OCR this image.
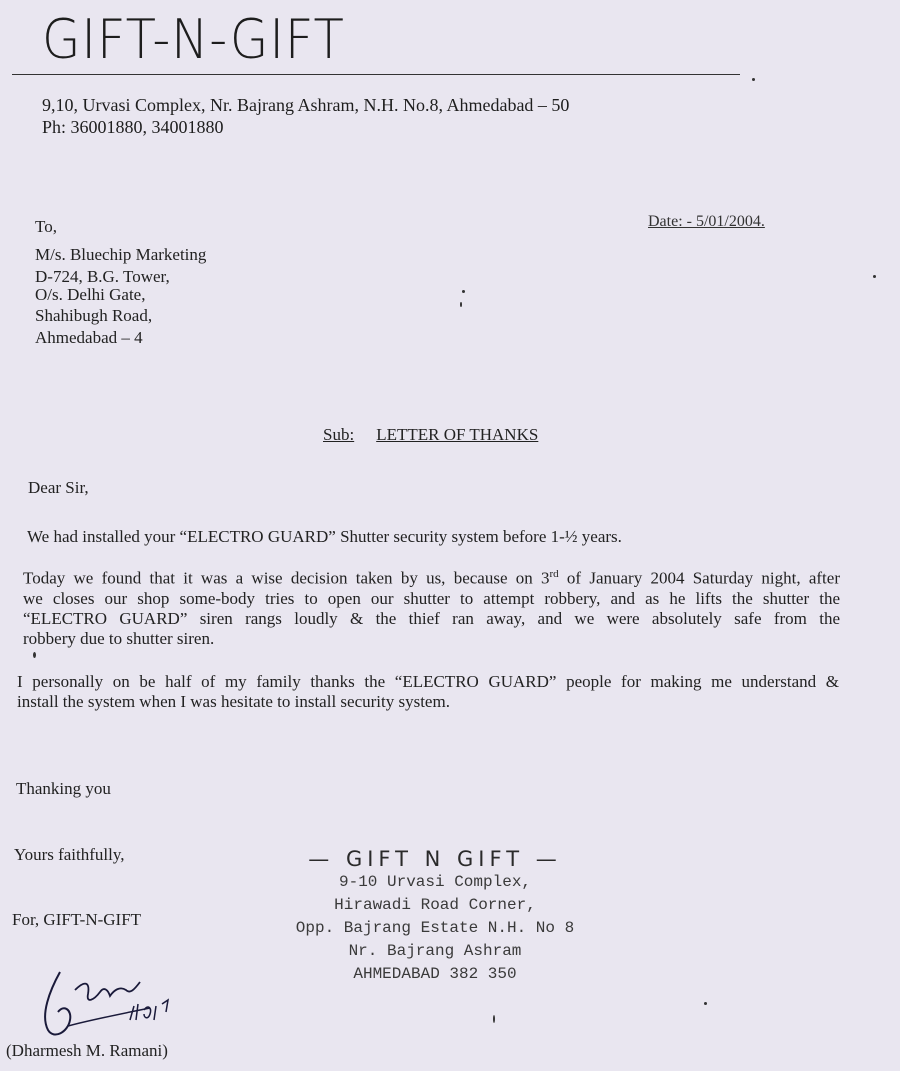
GIFT-N-GIFT
9,10, Urvasi Complex, Nr. Bajrang Ashram, N.H. No.8, Ahmedabad – 50
Ph: 36001880, 34001880
Date: - 5/01/2004.
To,
M/s. Bluechip Marketing
D-724, B.G. Tower,
O/s. Delhi Gate,
Shahibugh Road,
Ahmedabad – 4
Sub: LETTER OF THANKS
Dear Sir,
We had installed your “ELECTRO GUARD” Shutter security system before 1-½ years.
Today we found that it was a wise decision taken by us, because on 3rd of January 2004 Saturday night, after
we closes our shop some-body tries to open our shutter to attempt robbery, and as he lifts the shutter the
“ELECTRO GUARD” siren rangs loudly & the thief ran away, and we were absolutely safe from the
robbery due to shutter siren.
I personally on be half of my family thanks the “ELECTRO GUARD” people for making me understand &
install the system when I was hesitate to install security system.
Thanking you
Yours faithfully,
For, GIFT-N-GIFT
— GIFT N GIFT —
9-10 Urvasi Complex,
Hirawadi Road Corner,
Opp. Bajrang Estate N.H. No 8
Nr. Bajrang Ashram
AHMEDABAD 382 350
(Dharmesh M. Ramani)
